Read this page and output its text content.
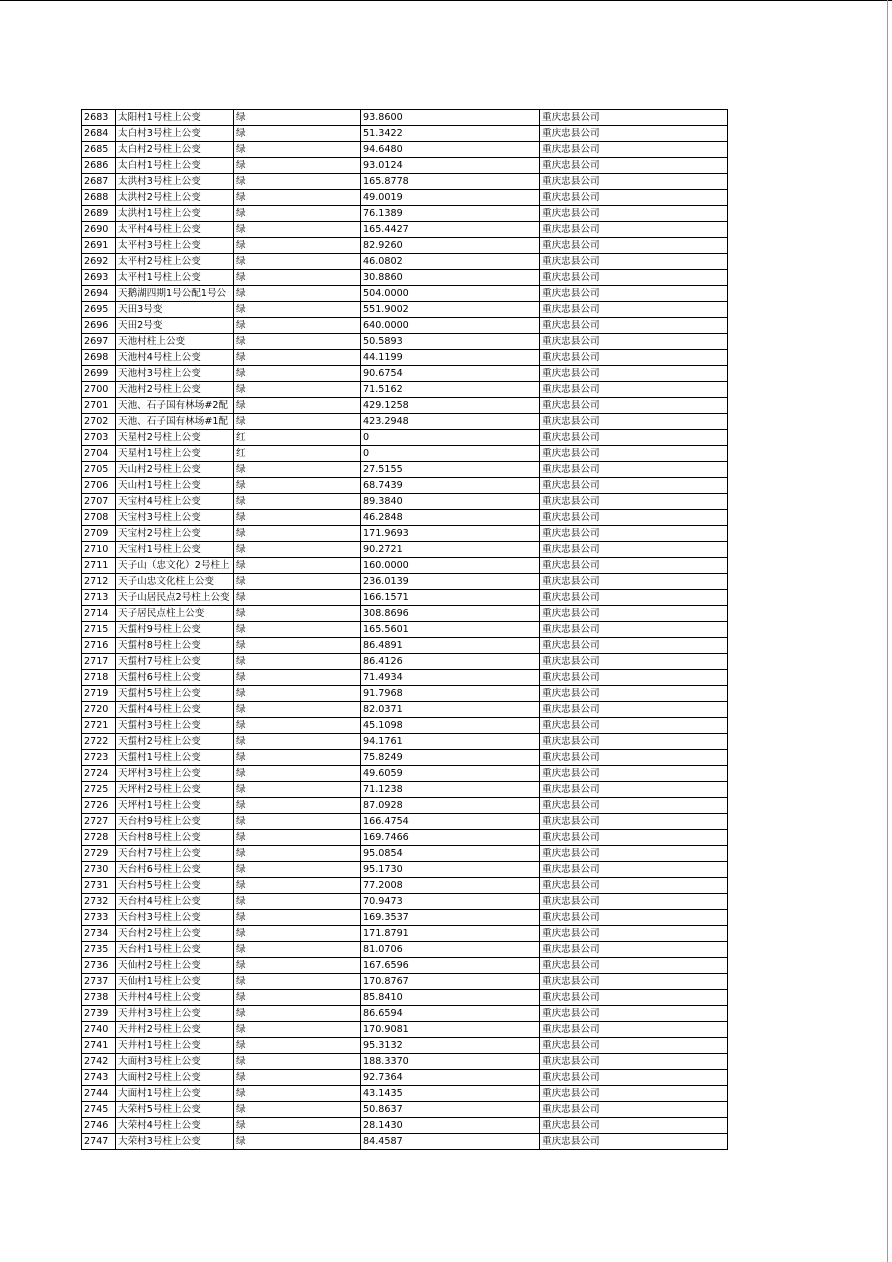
2683	太阳村1号柱上公变	绿	93.8600	重庆忠县公司
2684	太白村3号柱上公变	绿	51.3422	重庆忠县公司
2685	太白村2号柱上公变	绿	94.6480	重庆忠县公司
2686	太白村1号柱上公变	绿	93.0124	重庆忠县公司
2687	太洪村3号柱上公变	绿	165.8778	重庆忠县公司
2688	太洪村2号柱上公变	绿	49.0019	重庆忠县公司
2689	太洪村1号柱上公变	绿	76.1389	重庆忠县公司
2690	太平村4号柱上公变	绿	165.4427	重庆忠县公司
2691	太平村3号柱上公变	绿	82.9260	重庆忠县公司
2692	太平村2号柱上公变	绿	46.0802	重庆忠县公司
2693	太平村1号柱上公变	绿	30.8860	重庆忠县公司
2694	天鹅湖四期1号公配1号公	绿	504.0000	重庆忠县公司
2695	天田3号变	绿	551.9002	重庆忠县公司
2696	天田2号变	绿	640.0000	重庆忠县公司
2697	天池村柱上公变	绿	50.5893	重庆忠县公司
2698	天池村4号柱上公变	绿	44.1199	重庆忠县公司
2699	天池村3号柱上公变	绿	90.6754	重庆忠县公司
2700	天池村2号柱上公变	绿	71.5162	重庆忠县公司
2701	天池、石子国有林场#2配	绿	429.1258	重庆忠县公司
2702	天池、石子国有林场#1配	绿	423.2948	重庆忠县公司
2703	天星村2号柱上公变	红	0	重庆忠县公司
2704	天星村1号柱上公变	红	0	重庆忠县公司
2705	天山村2号柱上公变	绿	27.5155	重庆忠县公司
2706	天山村1号柱上公变	绿	68.7439	重庆忠县公司
2707	天宝村4号柱上公变	绿	89.3840	重庆忠县公司
2708	天宝村3号柱上公变	绿	46.2848	重庆忠县公司
2709	天宝村2号柱上公变	绿	171.9693	重庆忠县公司
2710	天宝村1号柱上公变	绿	90.2721	重庆忠县公司
2711	天子山（忠文化）2号柱上	绿	160.0000	重庆忠县公司
2712	天子山忠文化柱上公变	绿	236.0139	重庆忠县公司
2713	天子山居民点2号柱上公变	绿	166.1571	重庆忠县公司
2714	天子居民点柱上公变	绿	308.8696	重庆忠县公司
2715	天蜇村9号柱上公变	绿	165.5601	重庆忠县公司
2716	天蜇村8号柱上公变	绿	86.4891	重庆忠县公司
2717	天蜇村7号柱上公变	绿	86.4126	重庆忠县公司
2718	天蜇村6号柱上公变	绿	71.4934	重庆忠县公司
2719	天蜇村5号柱上公变	绿	91.7968	重庆忠县公司
2720	天蜇村4号柱上公变	绿	82.0371	重庆忠县公司
2721	天蜇村3号柱上公变	绿	45.1098	重庆忠县公司
2722	天蜇村2号柱上公变	绿	94.1761	重庆忠县公司
2723	天蜇村1号柱上公变	绿	75.8249	重庆忠县公司
2724	天坪村3号柱上公变	绿	49.6059	重庆忠县公司
2725	天坪村2号柱上公变	绿	71.1238	重庆忠县公司
2726	天坪村1号柱上公变	绿	87.0928	重庆忠县公司
2727	天台村9号柱上公变	绿	166.4754	重庆忠县公司
2728	天台村8号柱上公变	绿	169.7466	重庆忠县公司
2729	天台村7号柱上公变	绿	95.0854	重庆忠县公司
2730	天台村6号柱上公变	绿	95.1730	重庆忠县公司
2731	天台村5号柱上公变	绿	77.2008	重庆忠县公司
2732	天台村4号柱上公变	绿	70.9473	重庆忠县公司
2733	天台村3号柱上公变	绿	169.3537	重庆忠县公司
2734	天台村2号柱上公变	绿	171.8791	重庆忠县公司
2735	天台村1号柱上公变	绿	81.0706	重庆忠县公司
2736	天仙村2号柱上公变	绿	167.6596	重庆忠县公司
2737	天仙村1号柱上公变	绿	170.8767	重庆忠县公司
2738	天井村4号柱上公变	绿	85.8410	重庆忠县公司
2739	天井村3号柱上公变	绿	86.6594	重庆忠县公司
2740	天井村2号柱上公变	绿	170.9081	重庆忠县公司
2741	天井村1号柱上公变	绿	95.3132	重庆忠县公司
2742	大面村3号柱上公变	绿	188.3370	重庆忠县公司
2743	大面村2号柱上公变	绿	92.7364	重庆忠县公司
2744	大面村1号柱上公变	绿	43.1435	重庆忠县公司
2745	大荣村5号柱上公变	绿	50.8637	重庆忠县公司
2746	大荣村4号柱上公变	绿	28.1430	重庆忠县公司
2747	大荣村3号柱上公变	绿	84.4587	重庆忠县公司
